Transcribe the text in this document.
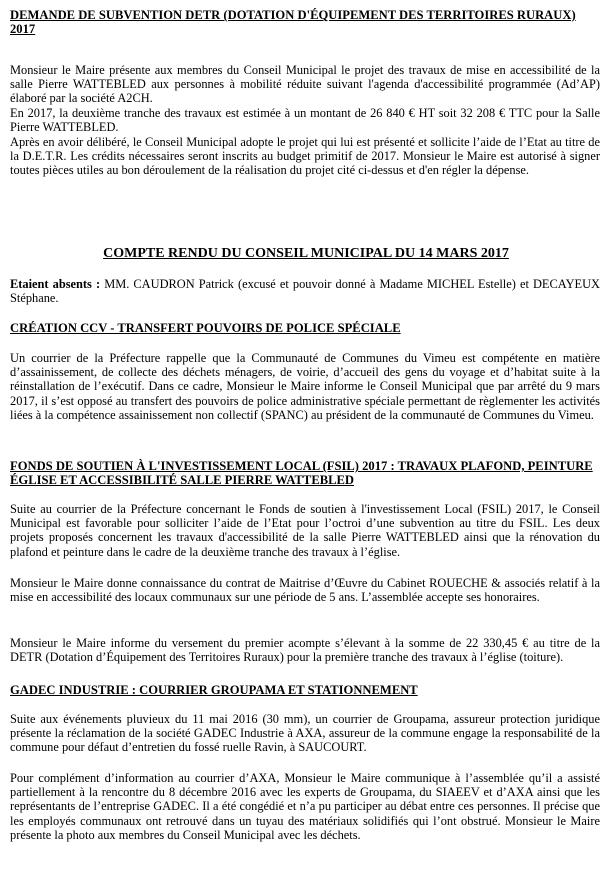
DEMANDE DE SUBVENTION DETR (DOTATION D'ÉQUIPEMENT DES TERRITOIRES RURAUX) 2017

Monsieur le Maire présente aux membres du Conseil Municipal le projet des travaux de mise en accessibilité de la salle Pierre WATTEBLED aux personnes à mobilité réduite suivant l'agenda d'accessibilité programmée (Ad’AP) élaboré par la société A2CH.

En 2017, la deuxième tranche des travaux est estimée à un montant de 26 840 € HT soit 32 208 € TTC pour la Salle Pierre WATTEBLED.

Après en avoir délibéré, le Conseil Municipal adopte le projet qui lui est présenté et sollicite l’aide de l’Etat au titre de la D.E.T.R. Les crédits nécessaires seront inscrits au budget primitif de 2017. Monsieur le Maire est autorisé à signer toutes pièces utiles au bon déroulement de la réalisation du projet cité ci-dessus et d'en régler la dépense.

COMPTE RENDU DU CONSEIL MUNICIPAL DU 14 MARS 2017

Etaient absents : MM. CAUDRON Patrick (excusé et pouvoir donné à Madame MICHEL Estelle) et DECAYEUX Stéphane.

CRÉATION CCV - TRANSFERT POUVOIRS DE POLICE SPÉCIALE

Un courrier de la Préfecture rappelle que la Communauté de Communes du Vimeu est compétente en matière d’assainissement, de collecte des déchets ménagers, de voirie, d’accueil des gens du voyage et d’habitat suite à la réinstallation de l’exécutif. Dans ce cadre, Monsieur le Maire informe le Conseil Municipal que par arrêté du 9 mars 2017, il s’est opposé au transfert des pouvoirs de police administrative spéciale permettant de règlementer les activités liées à la compétence assainissement non collectif (SPANC) au président de la communauté de Communes du Vimeu.

FONDS DE SOUTIEN À L'INVESTISSEMENT LOCAL (FSIL) 2017 : TRAVAUX PLAFOND, PEINTURE ÉGLISE ET ACCESSIBILITÉ SALLE PIERRE WATTEBLED

Suite au courrier de la Préfecture concernant le Fonds de soutien à l'investissement Local (FSIL) 2017, le Conseil Municipal est favorable pour solliciter l’aide de l’Etat pour l’octroi d’une subvention au titre du FSIL. Les deux projets proposés concernent les travaux d'accessibilité de la salle Pierre WATTEBLED ainsi que la rénovation du plafond et peinture dans le cadre de la deuxième tranche des travaux à l’église.

Monsieur le Maire donne connaissance du contrat de Maitrise d’Œuvre du Cabinet ROUECHE & associés relatif à la mise en accessibilité des locaux communaux sur une période de 5 ans. L’assemblée accepte ses honoraires.

Monsieur le Maire informe du versement du premier acompte s’élevant à la somme de 22 330,45 € au titre de la DETR (Dotation d’Équipement des Territoires Ruraux) pour la première tranche des travaux à l’église (toiture).

GADEC INDUSTRIE : COURRIER GROUPAMA ET STATIONNEMENT

Suite aux événements pluvieux du 11 mai 2016 (30 mm), un courrier de Groupama, assureur protection juridique présente la réclamation de la société GADEC Industrie à AXA, assureur de la commune engage la responsabilité de la commune pour défaut d’entretien du fossé ruelle Ravin, à SAUCOURT.

Pour complément d’information au courrier d’AXA, Monsieur le Maire communique à l’assemblée qu’il a assisté partiellement à la rencontre du 8 décembre 2016 avec les experts de Groupama, du SIAEEV et d’AXA ainsi que les représentants de l’entreprise GADEC. Il a été congédié et n’a pu participer au débat entre ces personnes. Il précise que les employés communaux ont retrouvé dans un tuyau des matériaux solidifiés qui l’ont obstrué. Monsieur le Maire présente la photo aux membres du Conseil Municipal avec les déchets.
